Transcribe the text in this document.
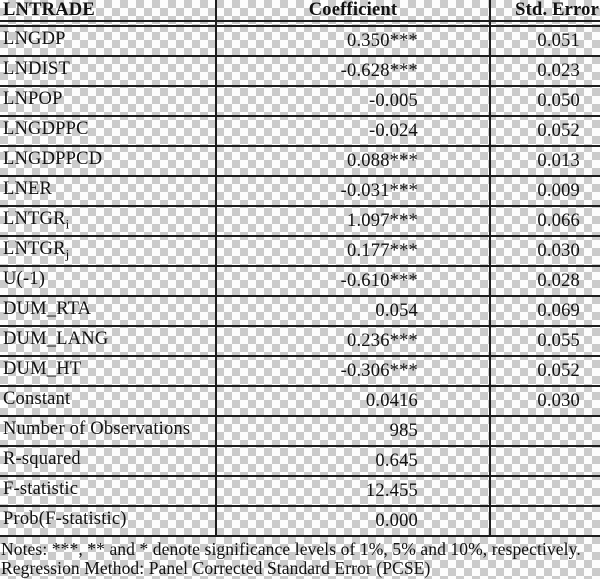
LNTRADE	Coefficient	Std. Error
LNGDP	0.350***	0.051
LNDIST	-0.628***	0.023
LNPOP	-0.005	0.050
LNGDPPC	-0.024	0.052
LNGDPPCD	0.088***	0.013
LNER	-0.031***	0.009
$LNTGR_i$	1.097***	0.066
$LNTGR_j$	0.177***	0.030
U(-1)	-0.610***	0.028
DUM_RTA	0.054	0.069
DUM_LANG	0.236***	0.055
DUM_HT	-0.306***	0.052
Constant	0.0416	0.030
Number of Observations	985
R-squared	0.645
F-statistic	12.455
Prob(F-statistic)	0.000
Notes: ***, ** and * denote significance levels of 1%, 5% and 10%, respectively.
Regression Method: Panel Corrected Standard Error (PCSE)
